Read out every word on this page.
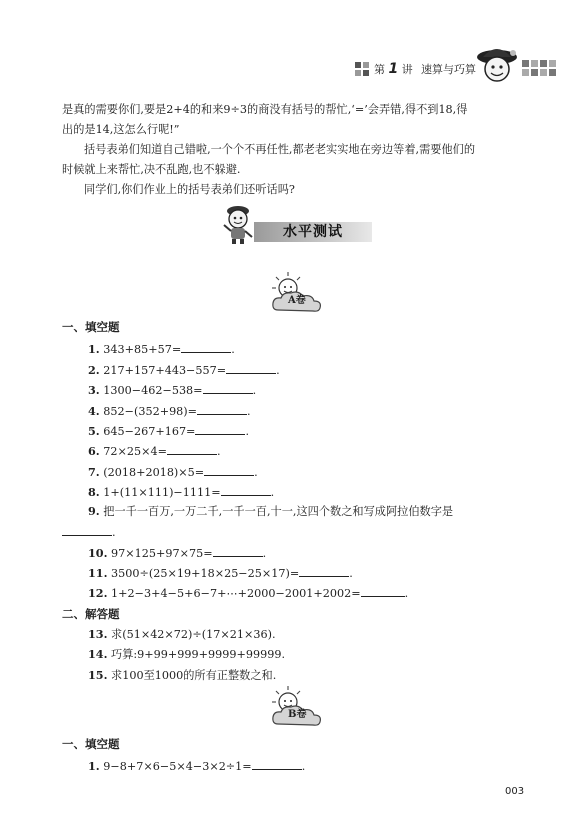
第 1 讲 速算与巧算

是真的需要你们,要是2+4的和来9÷3的商没有括号的帮忙,‘=’会弄错,得不到18,得
出的是14,这怎么行呢!”

括号表弟们知道自己错啦,一个个不再任性,都老老实实地在旁边等着,需要他们的
时候就上来帮忙,决不乱跑,也不躲避.

同学们,你们作业上的括号表弟们还听话吗?

水平测试
A卷
一、填空题
1. 343+85+57=	.
2. 217+157+443−557=	.
3. 1300−462−538=	.
4. 852−(352+98)=	.
5. 645−267+167=	.
6. 72×25×4=	.
7. (2018+2018)×5=	.
8. 1+(11×111)−1111=	.
9. 把一千一百万,一万二千,一千一百,十一,这四个数之和写成阿拉伯数字是
.
10. 97×125+97×75=	.
11. 3500÷(25×19+18×25−25×17)=	.
12. 1+2−3+4−5+6−7+⋯+2000−2001+2002=	.
二、解答题
13. 求(51×42×72)÷(17×21×36).
14. 巧算:9+99+999+9999+99999.
15. 求100至1000的所有正整数之和.
B卷
一、填空题
1. 9−8+7×6−5×4−3×2÷1=	.
003
